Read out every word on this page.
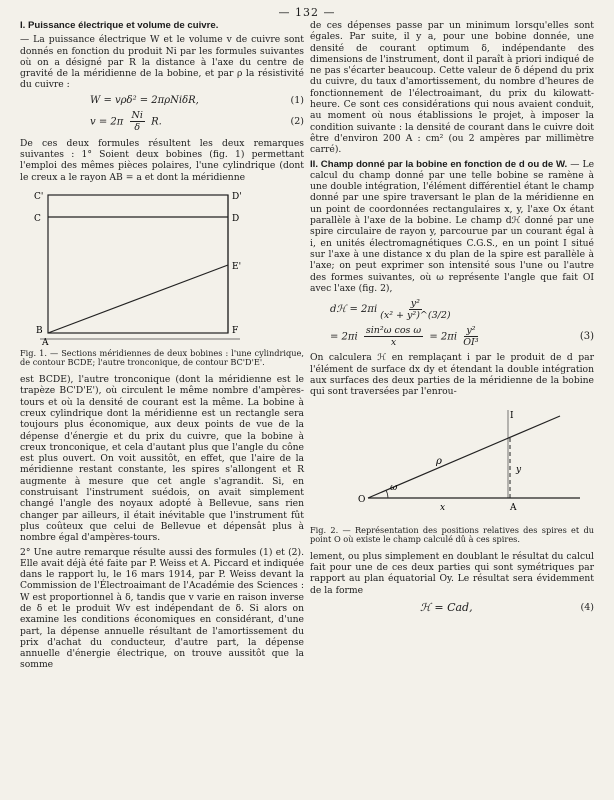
— 132 —

I. Puissance électrique et volume de cuivre.

— La puissance électrique W et le volume v de cuivre sont donnés en fonction du produit Ni par les formules suivantes où on a désigné par R la distance à l'axe du centre de gravité de la méridienne de la bobine, et par ρ la résistivité du cuivre :

W = vρδ² = 2πρNiδR,	(1)
$v = 2\pi \frac{Ni}{\delta} R$.	(2)

De ces deux formules résultent les deux remarques suivantes : 1° Soient deux bobines (fig. 1) permettant l'emploi des mêmes pièces polaires, l'une cylindrique (dont le creux a le rayon AB = a et dont la méridienne

C'
C
D'
D
E'
B	F
A
Fig. 1. — Sections méridiennes de deux bobines : l'une cylindrique, de contour BCDE; l'autre tronconique, de contour BC'D'E'.

est BCDE), l'autre tronconique (dont la méridienne est le trapèze BC'D'E'), où circulent le même nombre d'ampères-tours et où la densité de courant est la même. La bobine à creux cylindrique dont la méridienne est un rectangle sera toujours plus économique, aux deux points de vue de la dépense d'énergie et du prix du cuivre, que la bobine à creux tronconique, et cela d'autant plus que l'angle du cône est plus ouvert. On voit aussitôt, en effet, que l'aire de la méridienne restant constante, les spires s'allongent et R augmente à mesure que cet angle s'agrandit. Si, en construisant l'instrument suédois, on avait simplement changé l'angle des noyaux adopté à Bellevue, sans rien changer par ailleurs, il était inévitable que l'instrument fût plus coûteux que celui de Bellevue et dépensât plus à nombre égal d'ampères-tours.

2° Une autre remarque résulte aussi des formules (1) et (2). Elle avait déjà été faite par P. Weiss et A. Piccard et indiquée dans le rapport lu, le 16 mars 1914, par P. Weiss devant la Commission de l'Électroaimant de l'Académie des Sciences : W est proportionnel à δ, tandis que v varie en raison inverse de δ et le produit Wv est indépendant de δ. Si alors on examine les conditions économiques en considérant, d'une part, la dépense annuelle résultant de l'amortissement du prix d'achat du conducteur, d'autre part, la dépense annuelle d'énergie électrique, on trouve aussitôt que la somme

de ces dépenses passe par un minimum lorsqu'elles sont égales. Par suite, il y a, pour une bobine donnée, une densité de courant optimum δ, indépendante des dimensions de l'instrument, dont il paraît à priori indiqué de ne pas s'écarter beaucoup. Cette valeur de δ dépend du prix du cuivre, du taux d'amortissement, du nombre d'heures de fonctionnement de l'électroaimant, du prix du kilowatt-heure. Ce sont ces considérations qui nous avaient conduit, au moment où nous établissions le projet, à imposer la condition suivante : la densité de courant dans le cuivre doit être d'environ 200 A : cm² (ou 2 ampères par millimètre carré).

II. Champ donné par la bobine en fonction de d ou de W. — Le calcul du champ donné par une telle bobine se ramène à une double intégration, l'élément différentiel étant le champ donné par une spire traversant le plan de la méridienne en un point de coordonnées rectangulaires x, y, l'axe Ox étant parallèle à l'axe de la bobine. Le champ dℋ donné par une spire circulaire de rayon y, parcourue par un courant égal à i, en unités électromagnétiques C.G.S., en un point I situé sur l'axe à une distance x du plan de la spire est parallèle à l'axe; on peut exprimer son intensité sous l'une ou l'autre des formes suivantes, où ω représente l'angle que fait OI avec l'axe (fig. 2),

dℋ = $2\pi i \frac{\text{y²}}{\text{(x² + y²)\textasciicircum{}(3/2)}}$
= $2\pi i \frac{\text{sin²ω cos ω}}{x} = 2\pi i \frac{\text{y²}}{\text{OI³}}$	(3)

On calculera ℋ en remplaçant i par le produit de d par l'élément de surface dx dy et étendant la double intégration aux surfaces des deux parties de la méridienne de la bobine qui sont traversées par l'enrou-

I
ρ
y
ω
O
A
x
Fig. 2. — Représentation des positions relatives des spires et du point O où existe le champ calculé dû à ces spires.

lement, ou plus simplement en doublant le résultat du calcul fait pour une de ces deux parties qui sont symétriques par rapport au plan équatorial Oy. Le résultat sera évidemment de la forme

ℋ = Cad,	(4)
